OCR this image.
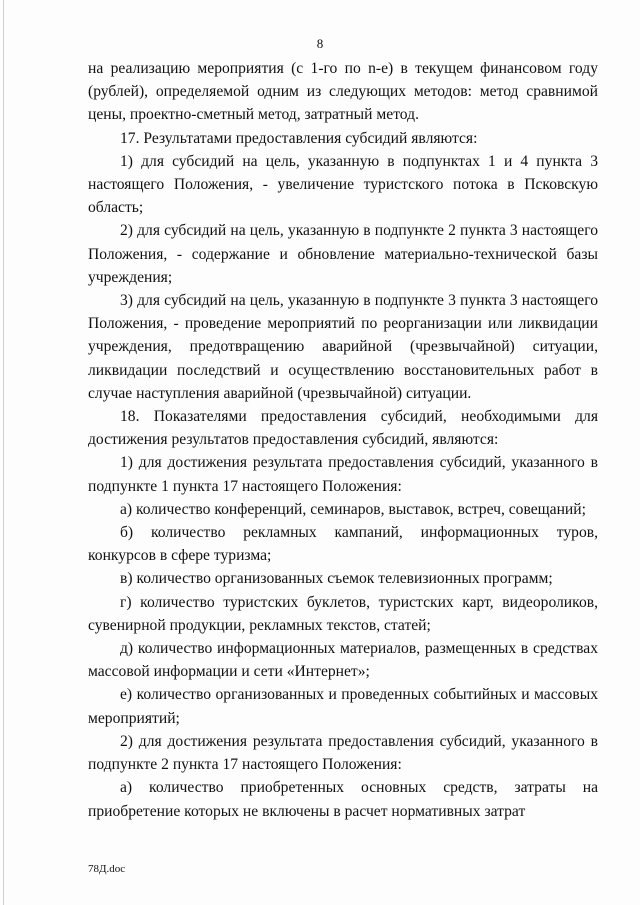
8

на реализацию мероприятия (с 1-го по n-е) в текущем финансовом году (рублей), определяемой одним из следующих методов: метод сравнимой цены, проектно-сметный метод, затратный метод.

17. Результатами предоставления субсидий являются:

1) для субсидий на цель, указанную в подпунктах 1 и 4 пункта 3 настоящего Положения, - увеличение туристского потока в Псковскую область;

2) для субсидий на цель, указанную в подпункте 2 пункта 3 настоящего Положения, - содержание и обновление материально-технической базы учреждения;

3) для субсидий на цель, указанную в подпункте 3 пункта 3 настоящего Положения, - проведение мероприятий по реорганизации или ликвидации учреждения, предотвращению аварийной (чрезвычайной) ситуации, ликвидации последствий и осуществлению восстановительных работ в случае наступления аварийной (чрезвычайной) ситуации.

18. Показателями предоставления субсидий, необходимыми для достижения результатов предоставления субсидий, являются:

1) для достижения результата предоставления субсидий, указанного в подпункте 1 пункта 17 настоящего Положения:

а) количество конференций, семинаров, выставок, встреч, совещаний;

б) количество рекламных кампаний, информационных туров, конкурсов в сфере туризма;

в) количество организованных съемок телевизионных программ;

г) количество туристских буклетов, туристских карт, видеороликов, сувенирной продукции, рекламных текстов, статей;

д) количество информационных материалов, размещенных в средствах массовой информации и сети «Интернет»;

е) количество организованных и проведенных событийных и массовых мероприятий;

2) для достижения результата предоставления субсидий, указанного в подпункте 2 пункта 17 настоящего Положения:

а) количество приобретенных основных средств, затраты на приобретение которых не включены в расчет нормативных затрат

78Д.doc
